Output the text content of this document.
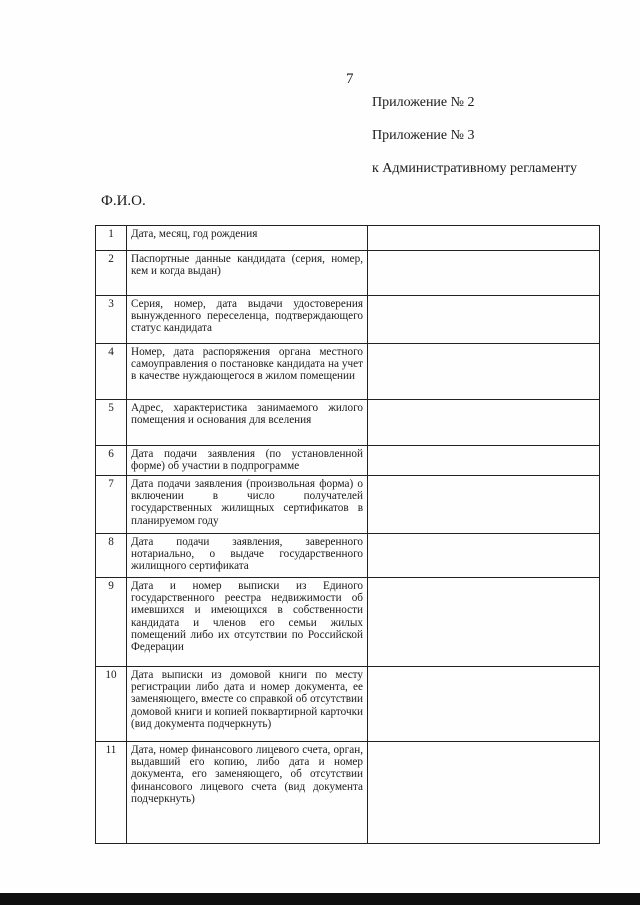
7
Приложение № 2
Приложение № 3
к Административному регламенту
Ф.И.О.
1	Дата, месяц, год рождения	
2	Паспортные данные кандидата (серия, номер, кем и когда выдан)	
3	Серия, номер, дата выдачи удостоверения вынужденного переселенца, подтверждающего статус кандидата	
4	Номер, дата распоряжения органа местного самоуправления о постановке кандидата на учет в качестве нуждающегося в жилом помещении	
5	Адрес, характеристика занимаемого жилого помещения и основания для вселения	
6	Дата подачи заявления (по установленной форме) об участии в подпрограмме	
7	Дата подачи заявления (произвольная форма) о включении в число получателей государственных жилищных сертификатов в планируемом году	
8	Дата подачи заявления, заверенного нотариально, о выдаче государственного жилищного сертификата	
9	Дата и номер выписки из Единого государственного реестра недвижимости об имевшихся и имеющихся в собственности кандидата и членов его семьи жилых помещений либо их отсутствии по Российской Федерации	
10	Дата выписки из домовой книги по месту регистрации либо дата и номер документа, ее заменяющего, вместе со справкой об отсутствии домовой книги и копией поквартирной карточки (вид документа подчеркнуть)	
11	Дата, номер финансового лицевого счета, орган, выдавший его копию, либо дата и номер документа, его заменяющего, об отсутствии финансового лицевого счета (вид документа подчеркнуть)	
